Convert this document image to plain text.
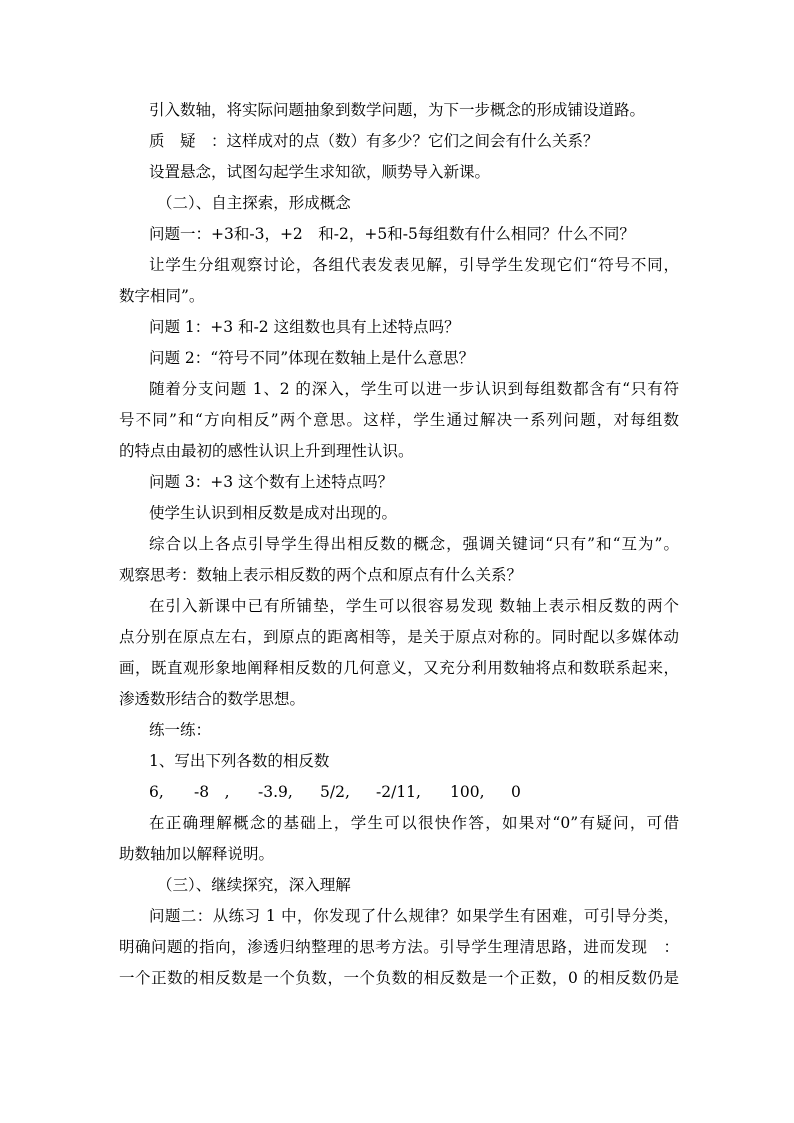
引入数轴，将实际问题抽象到数学问题，为下一步概念的形成铺设道路。

质　疑　：这样成对的点（数）有多少？它们之间会有什么关系？

设置悬念，试图勾起学生求知欲，顺势导入新课。

（二）、自主探索，形成概念

问题一：+3和-3，+2　和-2，+5和-5每组数有什么相同？什么不同？

让学生分组观察讨论，各组代表发表见解，引导学生发现它们“符号不同，

数字相同”。

问题 1：+3 和-2 这组数也具有上述特点吗？

问题 2：“符号不同”体现在数轴上是什么意思？

随着分支问题 1、2 的深入，学生可以进一步认识到每组数都含有“只有符

号不同”和“方向相反”两个意思。这样，学生通过解决一系列问题，对每组数

的特点由最初的感性认识上升到理性认识。

问题 3：+3 这个数有上述特点吗？

使学生认识到相反数是成对出现的。

综合以上各点引导学生得出相反数的概念，强调关键词“只有”和“互为”。

观察思考：数轴上表示相反数的两个点和原点有什么关系？

在引入新课中已有所铺垫，学生可以很容易发现 数轴上表示相反数的两个

点分别在原点左右，到原点的距离相等，是关于原点对称的。同时配以多媒体动

画，既直观形象地阐释相反数的几何意义，又充分利用数轴将点和数联系起来，

渗透数形结合的数学思想。

练一练：

1、写出下列各数的相反数

6,	-8　,	-3.9,	5/2,	-2/11,	100,	0

在正确理解概念的基础上，学生可以很快作答，如果对“0”有疑问，可借

助数轴加以解释说明。

（三）、继续探究，深入理解

问题二：从练习 1 中，你发现了什么规律？如果学生有困难，可引导分类，

明确问题的指向，渗透归纳整理的思考方法。引导学生理清思路，进而发现　：

一个正数的相反数是一个负数，一个负数的相反数是一个正数，0 的相反数仍是
